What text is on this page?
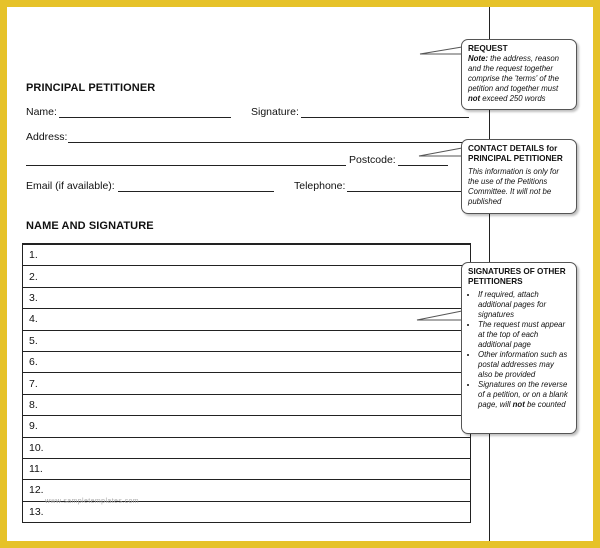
PRINCIPAL PETITIONER
Name:	Signature:
Address:
Postcode:
Email (if available):	Telephone:
NAME AND SIGNATURE
1.
2.
3.
4.
5.
6.
7.
8.
9.
10.
11.
12.
13.
www.sampletemplates.com
REQUEST
Note: the address, reason and the request together comprise the 'terms' of the petition and together must not exceed 250 words
CONTACT DETAILS for PRINCIPAL PETITIONER
This information is only for the use of the Petitions Committee. It will not be published
SIGNATURES OF OTHER PETITIONERS
• If required, attach additional pages for signatures
• The request must appear at the top of each additional page
• Other information such as postal addresses may also be provided
• Signatures on the reverse of a petition, or on a blank page, will not be counted
